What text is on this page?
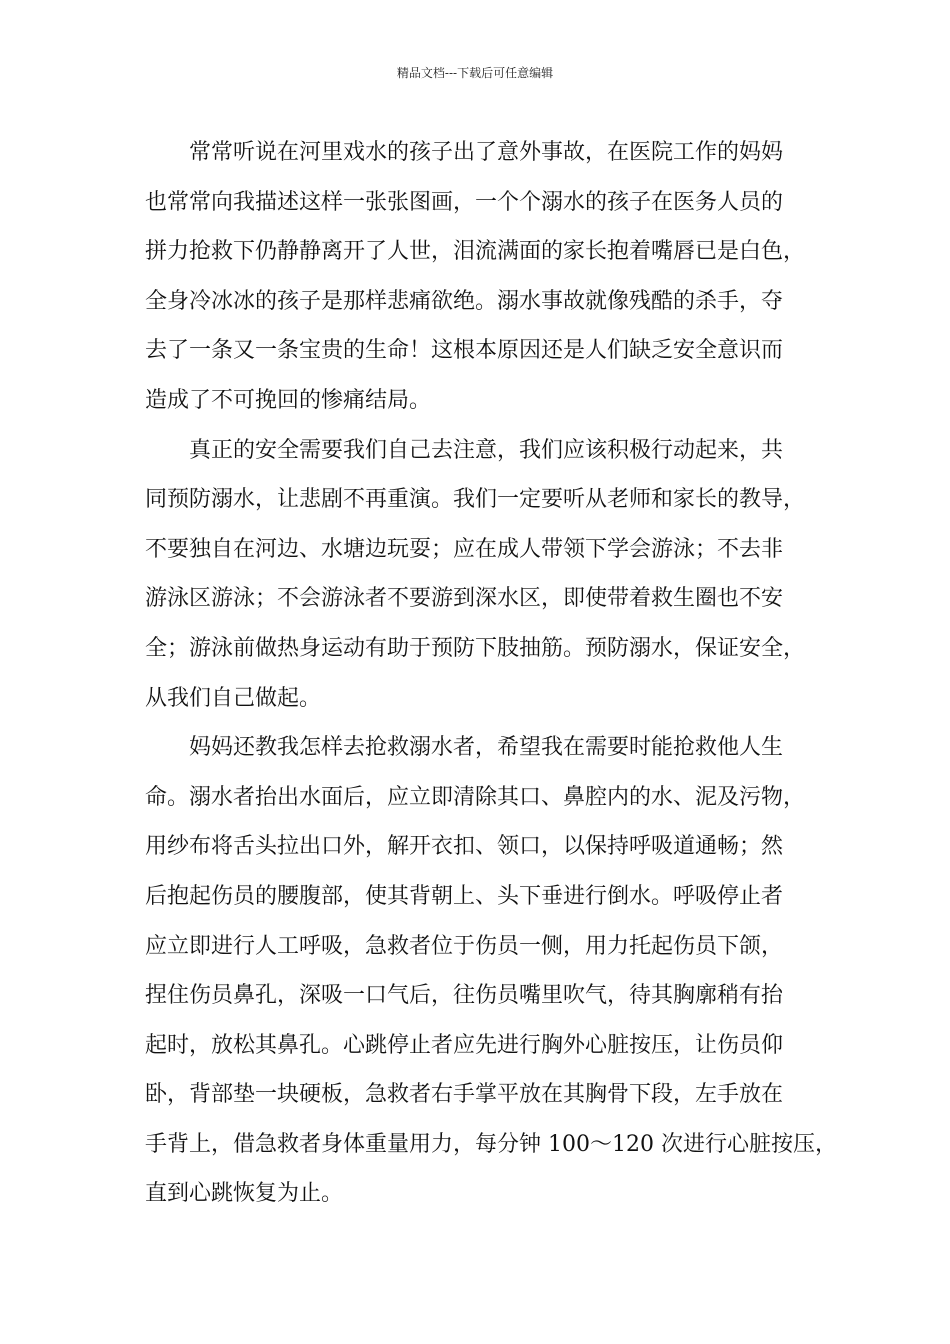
精品文档---下载后可任意编辑
常常听说在河里戏水的孩子出了意外事故，在医院工作的妈妈
也常常向我描述这样一张张图画，一个个溺水的孩子在医务人员的
拼力抢救下仍静静离开了人世，泪流满面的家长抱着嘴唇已是白色，
全身冷冰冰的孩子是那样悲痛欲绝。溺水事故就像残酷的杀手，夺
去了一条又一条宝贵的生命！这根本原因还是人们缺乏安全意识而
造成了不可挽回的惨痛结局。
真正的安全需要我们自己去注意，我们应该积极行动起来，共
同预防溺水，让悲剧不再重演。我们一定要听从老师和家长的教导，
不要独自在河边、水塘边玩耍；应在成人带领下学会游泳；不去非
游泳区游泳；不会游泳者不要游到深水区，即使带着救生圈也不安
全；游泳前做热身运动有助于预防下肢抽筋。预防溺水，保证安全，
从我们自己做起。
妈妈还教我怎样去抢救溺水者，希望我在需要时能抢救他人生
命。溺水者抬出水面后，应立即清除其口、鼻腔内的水、泥及污物，
用纱布将舌头拉出口外，解开衣扣、领口，以保持呼吸道通畅；然
后抱起伤员的腰腹部，使其背朝上、头下垂进行倒水。呼吸停止者
应立即进行人工呼吸，急救者位于伤员一侧，用力托起伤员下颌，
捏住伤员鼻孔，深吸一口气后，往伤员嘴里吹气，待其胸廓稍有抬
起时，放松其鼻孔。心跳停止者应先进行胸外心脏按压，让伤员仰
卧，背部垫一块硬板，急救者右手掌平放在其胸骨下段，左手放在
手背上，借急救者身体重量用力，每分钟 100～120 次进行心脏按压，
直到心跳恢复为止。
